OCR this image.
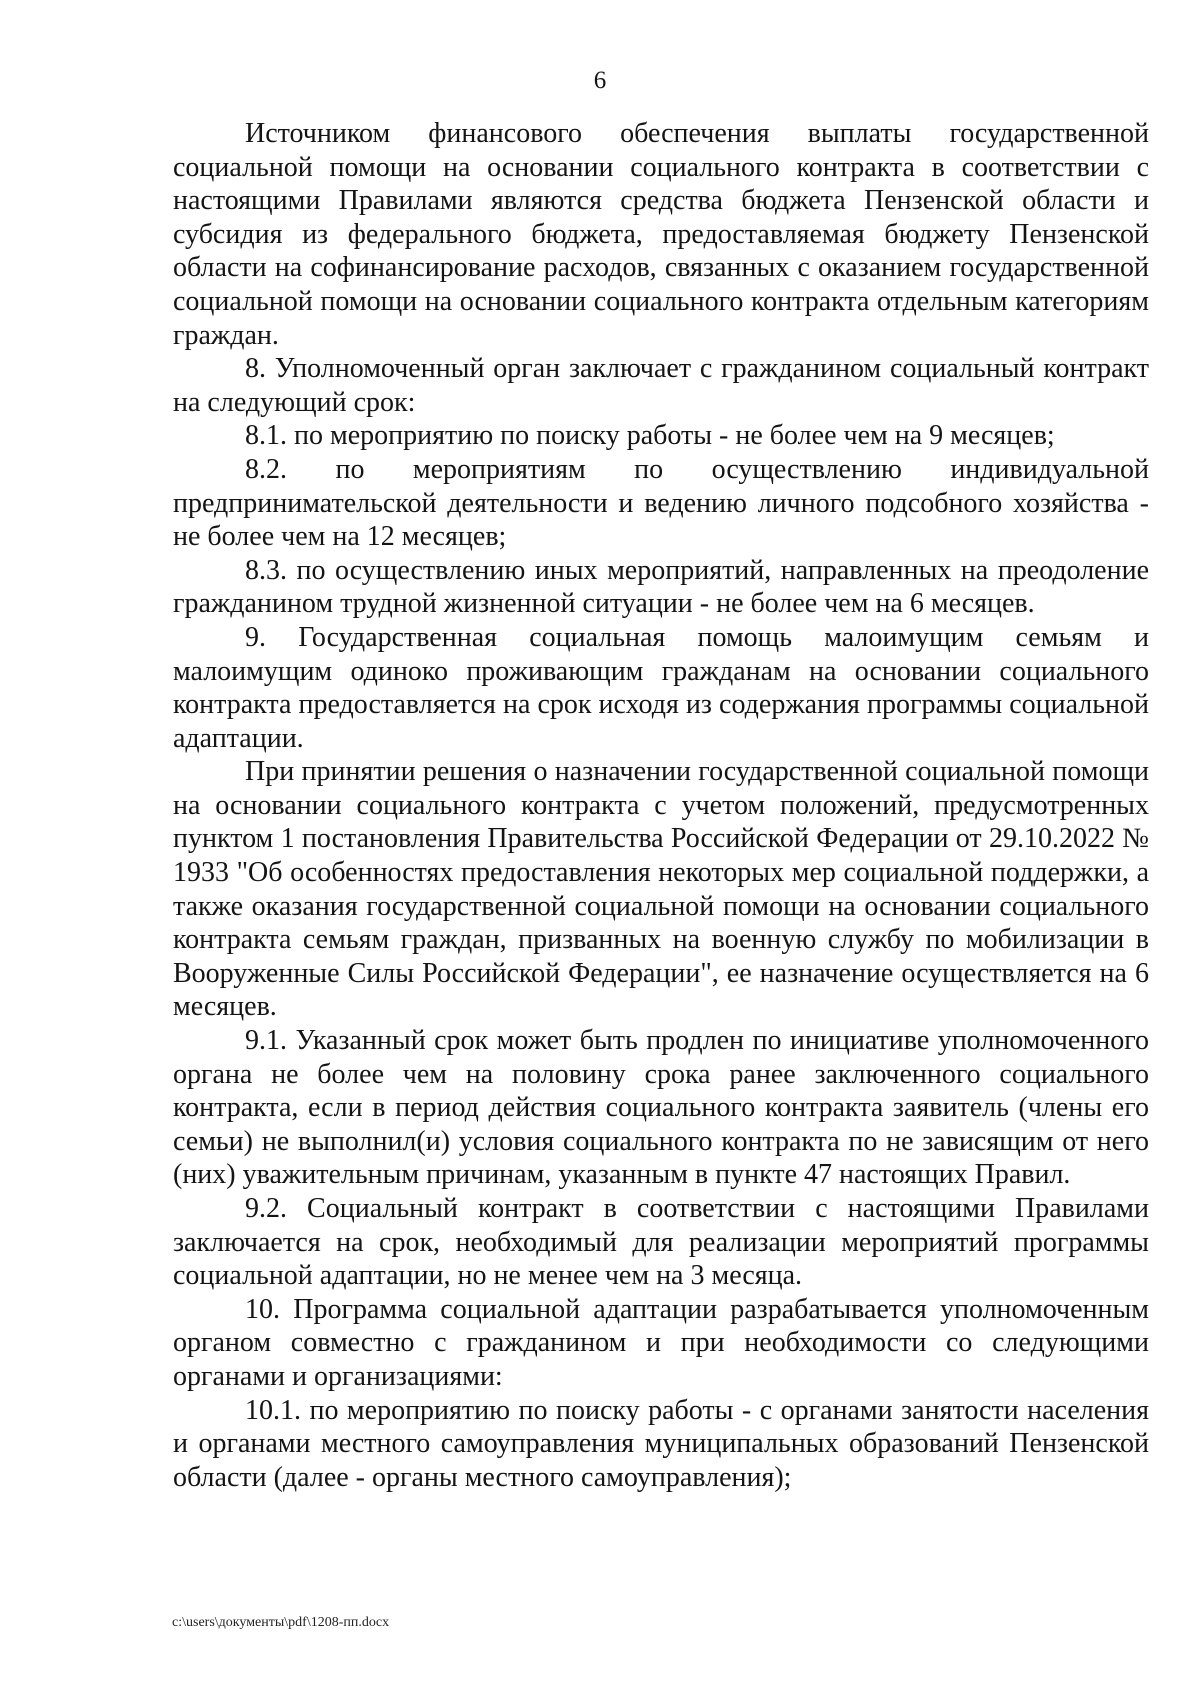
6

Источником финансового обеспечения выплаты государственной социальной помощи на основании социального контракта в соответствии с настоящими Правилами являются средства бюджета Пензенской области и субсидия из федерального бюджета, предоставляемая бюджету Пензенской области на софинансирование расходов, связанных с оказанием государственной социальной помощи на основании социального контракта отдельным категориям граждан.

8. Уполномоченный орган заключает с гражданином социальный контракт на следующий срок:

8.1. по мероприятию по поиску работы - не более чем на 9 месяцев;

8.2. по мероприятиям по осуществлению индивидуальной предпринимательской деятельности и ведению личного подсобного хозяйства - не более чем на 12 месяцев;

8.3. по осуществлению иных мероприятий, направленных на преодоление гражданином трудной жизненной ситуации - не более чем на 6 месяцев.

9. Государственная социальная помощь малоимущим семьям и малоимущим одиноко проживающим гражданам на основании социального контракта предоставляется на срок исходя из содержания программы социальной адаптации.

При принятии решения о назначении государственной социальной помощи на основании социального контракта с учетом положений, предусмотренных пунктом 1 постановления Правительства Российской Федерации от 29.10.2022 № 1933 "Об особенностях предоставления некоторых мер социальной поддержки, а также оказания государственной социальной помощи на основании социального контракта семьям граждан, призванных на военную службу по мобилизации в Вооруженные Силы Российской Федерации", ее назначение осуществляется на 6 месяцев.

9.1. Указанный срок может быть продлен по инициативе уполномоченного органа не более чем на половину срока ранее заключенного социального контракта, если в период действия социального контракта заявитель (члены его семьи) не выполнил(и) условия социального контракта по не зависящим от него (них) уважительным причинам, указанным в пункте 47 настоящих Правил.

9.2. Социальный контракт в соответствии с настоящими Правилами заключается на срок, необходимый для реализации мероприятий программы социальной адаптации, но не менее чем на 3 месяца.

10. Программа социальной адаптации разрабатывается уполномоченным органом совместно с гражданином и при необходимости со следующими органами и организациями:

10.1. по мероприятию по поиску работы - с органами занятости населения и органами местного самоуправления муниципальных образований Пензенской области (далее - органы местного самоуправления);

c:\users\документы\pdf\1208-пп.docx
